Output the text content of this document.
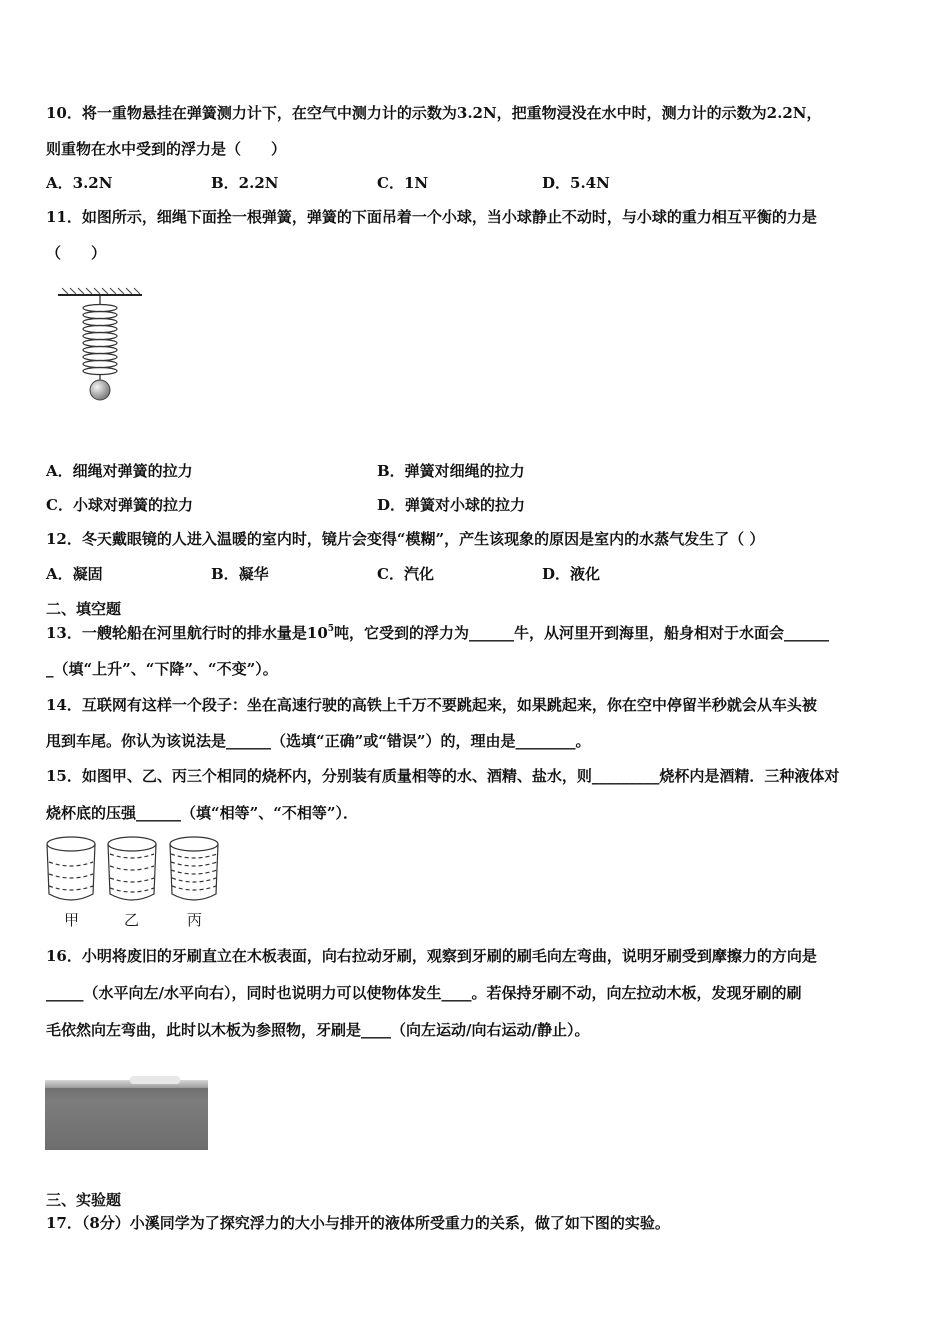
10．将一重物悬挂在弹簧测力计下，在空气中测力计的示数为3.2N，把重物浸没在水中时，测力计的示数为2.2N，
则重物在水中受到的浮力是（　　）
A．3.2N	B．2.2N	C．1N	D．5.4N
11．如图所示，细绳下面拴一根弹簧，弹簧的下面吊着一个小球，当小球静止不动时，与小球的重力相互平衡的力是
（　　）
A．细绳对弹簧的拉力	B．弹簧对细绳的拉力
C．小球对弹簧的拉力	D．弹簧对小球的拉力
12．冬天戴眼镜的人进入温暖的室内时，镜片会变得“模糊”，产生该现象的原因是室内的水蒸气发生了（ ）
A．凝固	B．凝华	C．汽化	D．液化
二、填空题
13．一艘轮船在河里航行时的排水量是$10^5$吨，它受到的浮力为______牛，从河里开到海里，船身相对于水面会______
_（填“上升”、“下降”、“不变”）。
14．互联网有这样一个段子：坐在高速行驶的高铁上千万不要跳起来，如果跳起来，你在空中停留半秒就会从车头被
甩到车尾。你认为该说法是______（选填“正确”或“错误”）的，理由是________。
15．如图甲、乙、丙三个相同的烧杯内，分别装有质量相等的水、酒精、盐水，则_________烧杯内是酒精．三种液体对
烧杯底的压强______（填“相等”、“不相等”）．
甲	乙	丙
16．小明将废旧的牙刷直立在木板表面，向右拉动牙刷，观察到牙刷的刷毛向左弯曲，说明牙刷受到摩擦力的方向是
_____（水平向左/水平向右），同时也说明力可以使物体发生____。若保持牙刷不动，向左拉动木板，发现牙刷的刷
毛依然向左弯曲，此时以木板为参照物，牙刷是____（向左运动/向右运动/静止）。
三、实验题
17．（8分）小溪同学为了探究浮力的大小与排开的液体所受重力的关系，做了如下图的实验。
